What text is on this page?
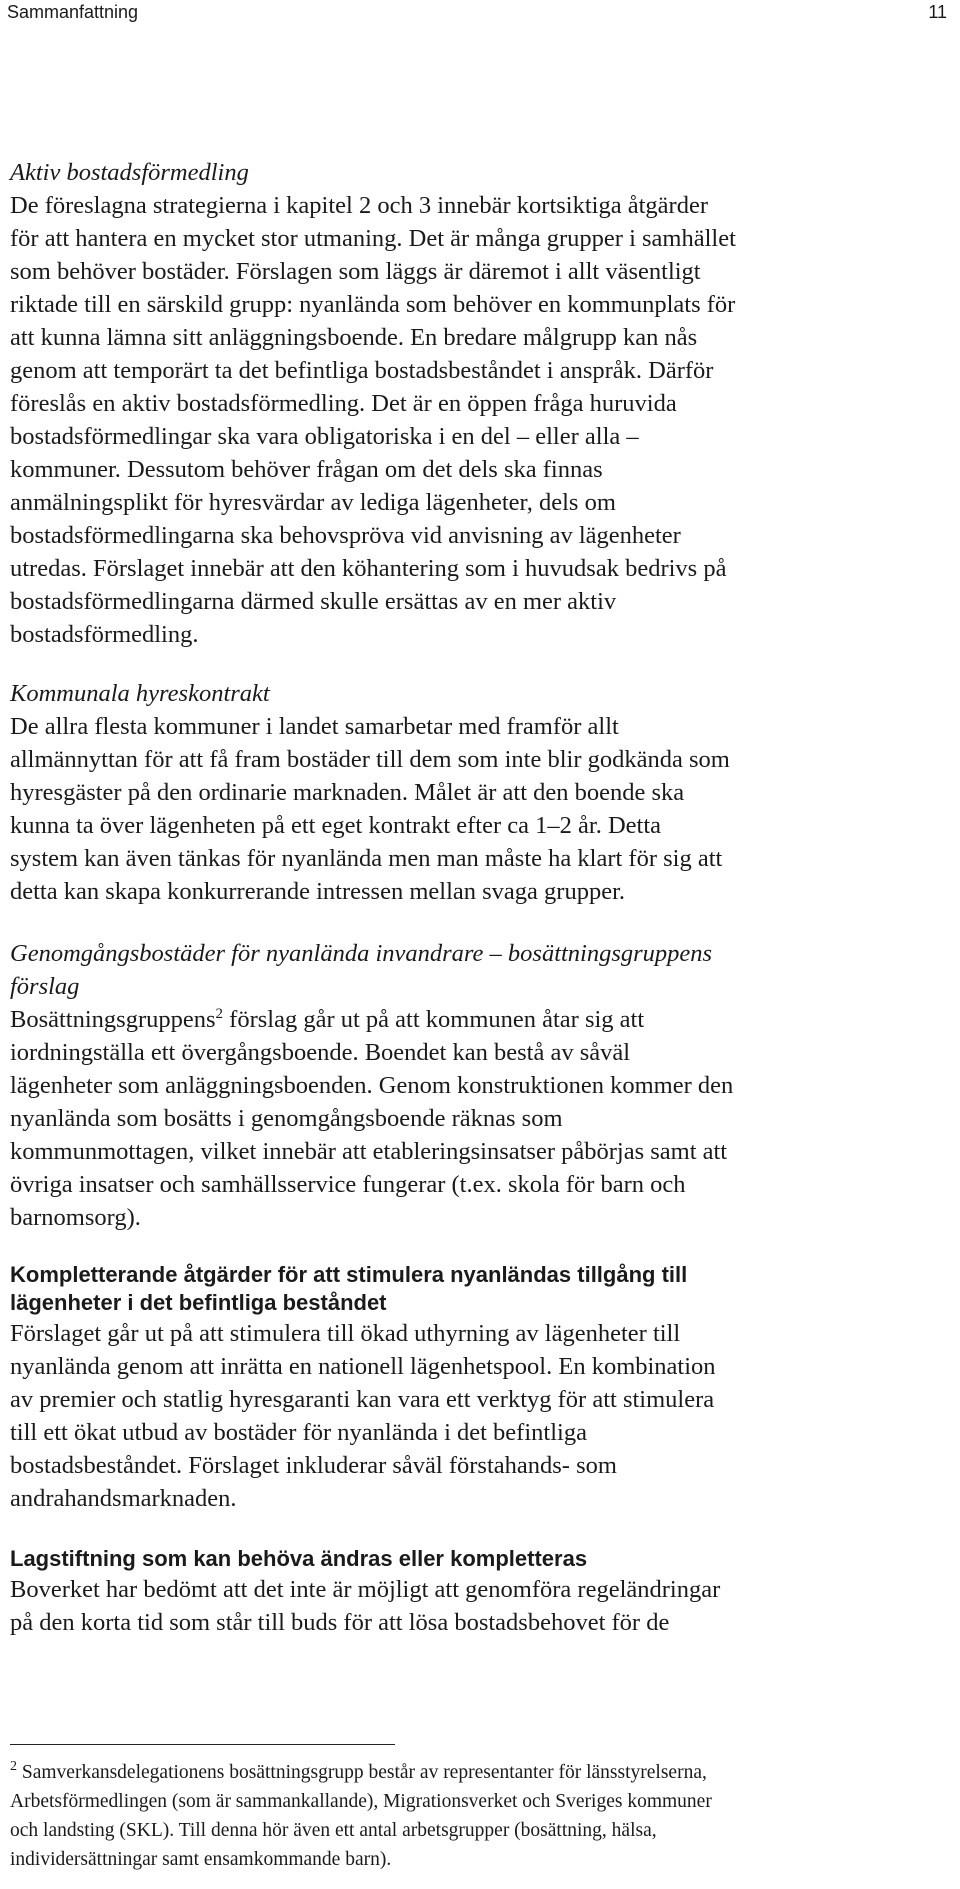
Sammanfattning	11
Aktiv bostadsförmedling

De föreslagna strategierna i kapitel 2 och 3 innebär kortsiktiga åtgärder
för att hantera en mycket stor utmaning. Det är många grupper i samhället
som behöver bostäder. Förslagen som läggs är däremot i allt väsentligt
riktade till en särskild grupp: nyanlända som behöver en kommunplats för
att kunna lämna sitt anläggningsboende. En bredare målgrupp kan nås
genom att temporärt ta det befintliga bostadsbeståndet i anspråk. Därför
föreslås en aktiv bostadsförmedling. Det är en öppen fråga huruvida
bostadsförmedlingar ska vara obligatoriska i en del – eller alla –
kommuner. Dessutom behöver frågan om det dels ska finnas
anmälningsplikt för hyresvärdar av lediga lägenheter, dels om
bostadsförmedlingarna ska behovspröva vid anvisning av lägenheter
utredas. Förslaget innebär att den köhantering som i huvudsak bedrivs på
bostadsförmedlingarna därmed skulle ersättas av en mer aktiv
bostadsförmedling.

Kommunala hyreskontrakt

De allra flesta kommuner i landet samarbetar med framför allt
allmännyttan för att få fram bostäder till dem som inte blir godkända som
hyresgäster på den ordinarie marknaden. Målet är att den boende ska
kunna ta över lägenheten på ett eget kontrakt efter ca 1–2 år. Detta
system kan även tänkas för nyanlända men man måste ha klart för sig att
detta kan skapa konkurrerande intressen mellan svaga grupper.

Genomgångsbostäder för nyanlända invandrare – bosättningsgruppens
förslag

Bosättningsgruppens$^2$ förslag går ut på att kommunen åtar sig att
iordningställa ett övergångsboende. Boendet kan bestå av såväl
lägenheter som anläggningsboenden. Genom konstruktionen kommer den
nyanlända som bosätts i genomgångsboende räknas som
kommunmottagen, vilket innebär att etableringsinsatser påbörjas samt att
övriga insatser och samhällsservice fungerar (t.ex. skola för barn och
barnomsorg).

Kompletterande åtgärder för att stimulera nyanländas tillgång till
lägenheter i det befintliga beståndet

Förslaget går ut på att stimulera till ökad uthyrning av lägenheter till
nyanlända genom att inrätta en nationell lägenhetspool. En kombination
av premier och statlig hyresgaranti kan vara ett verktyg för att stimulera
till ett ökat utbud av bostäder för nyanlända i det befintliga
bostadsbeståndet. Förslaget inkluderar såväl förstahands- som
andrahandsmarknaden.

Lagstiftning som kan behöva ändras eller kompletteras

Boverket har bedömt att det inte är möjligt att genomföra regeländringar
på den korta tid som står till buds för att lösa bostadsbehovet för de

$^2$ Samverkansdelegationens bosättningsgrupp består av representanter för länsstyrelserna,
Arbetsförmedlingen (som är sammankallande), Migrationsverket och Sveriges kommuner
och landsting (SKL). Till denna hör även ett antal arbetsgrupper (bosättning, hälsa,
individersättningar samt ensamkommande barn).
